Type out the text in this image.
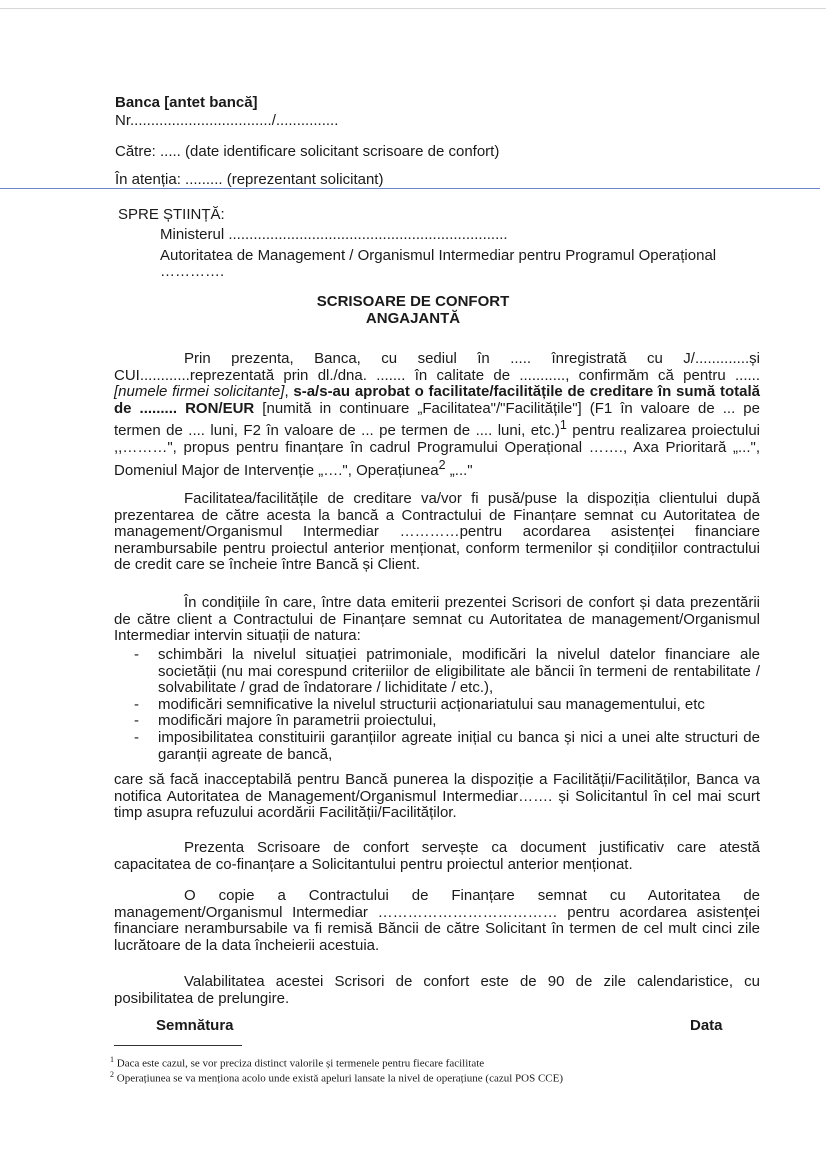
Banca [antet bancă]
Nr................................../...............
Către: ..... (date identificare solicitant scrisoare de confort)
În atenția: ......... (reprezentant solicitant)
SPRE ȘTIINȚĂ:
Ministerul ...................................................................
Autoritatea de Management / Organismul Intermediar pentru Programul Operațional
………….
SCRISOARE DE CONFORT
ANGAJANTĂ
Prin prezenta, Banca, cu sediul în ..... înregistrată cu J/.............și CUI............reprezentată prin dl./dna. ....... în calitate de ..........., confirmăm că pentru ...... [numele firmei solicitante], s-a/s-au aprobat o facilitate/facilitățile de creditare în sumă totală de ......... RON/EUR [numită in continuare „Facilitatea"/"Facilitățile"] (F1 în valoare de ... pe termen de .... luni, F2 în valoare de ... pe termen de .... luni, etc.)$^1$ pentru realizarea proiectului ,,………", propus pentru finanțare în cadrul Programului Operațional ……., Axa Prioritară „...", Domeniul Major de Intervenție „….", Operațiunea$^2$ „..."
Facilitatea/facilitățile de creditare va/vor fi pusă/puse la dispoziția clientului după prezentarea de către acesta la bancă a Contractului de Finanțare semnat cu Autoritatea de management/Organismul Intermediar …………pentru acordarea asistenței financiare nerambursabile pentru proiectul anterior menționat, conform termenilor și condițiilor contractului de credit care se încheie între Bancă și Client.
În condițiile în care, între data emiterii prezentei Scrisori de confort și data prezentării de către client a Contractului de Finanțare semnat cu Autoritatea de management/Organismul Intermediar intervin situații de natura:
- schimbări la nivelul situației patrimoniale, modificări la nivelul datelor financiare ale societății (nu mai corespund criteriilor de eligibilitate ale băncii în termeni de rentabilitate / solvabilitate / grad de îndatorare / lichiditate / etc.),
- modificări semnificative la nivelul structurii acționariatului sau managementului, etc
- modificări majore în parametrii proiectului,
- imposibilitatea constituirii garanțiilor agreate inițial cu banca și nici a unei alte structuri de garanții agreate de bancă,
care să facă inacceptabilă pentru Bancă punerea la dispoziție a Facilității/Facilităților, Banca va notifica Autoritatea de Management/Organismul Intermediar……. și Solicitantul în cel mai scurt timp asupra refuzului acordării Facilității/Facilităților.
Prezenta Scrisoare de confort servește ca document justificativ care atestă capacitatea de co-finanțare a Solicitantului pentru proiectul anterior menționat.
O copie a Contractului de Finanțare semnat cu Autoritatea de management/Organismul Intermediar ……………………………… pentru acordarea asistenței financiare nerambursabile va fi remisă Băncii de către Solicitant în termen de cel mult cinci zile lucrătoare de la data încheierii acestuia.
Valabilitatea acestei Scrisori de confort este de 90 de zile calendaristice, cu posibilitatea de prelungire.
Semnătura	Data
$^1$ Daca este cazul, se vor preciza distinct valorile și termenele pentru fiecare facilitate
$^2$ Operațiunea se va menționa acolo unde există apeluri lansate la nivel de operațiune (cazul POS CCE)
